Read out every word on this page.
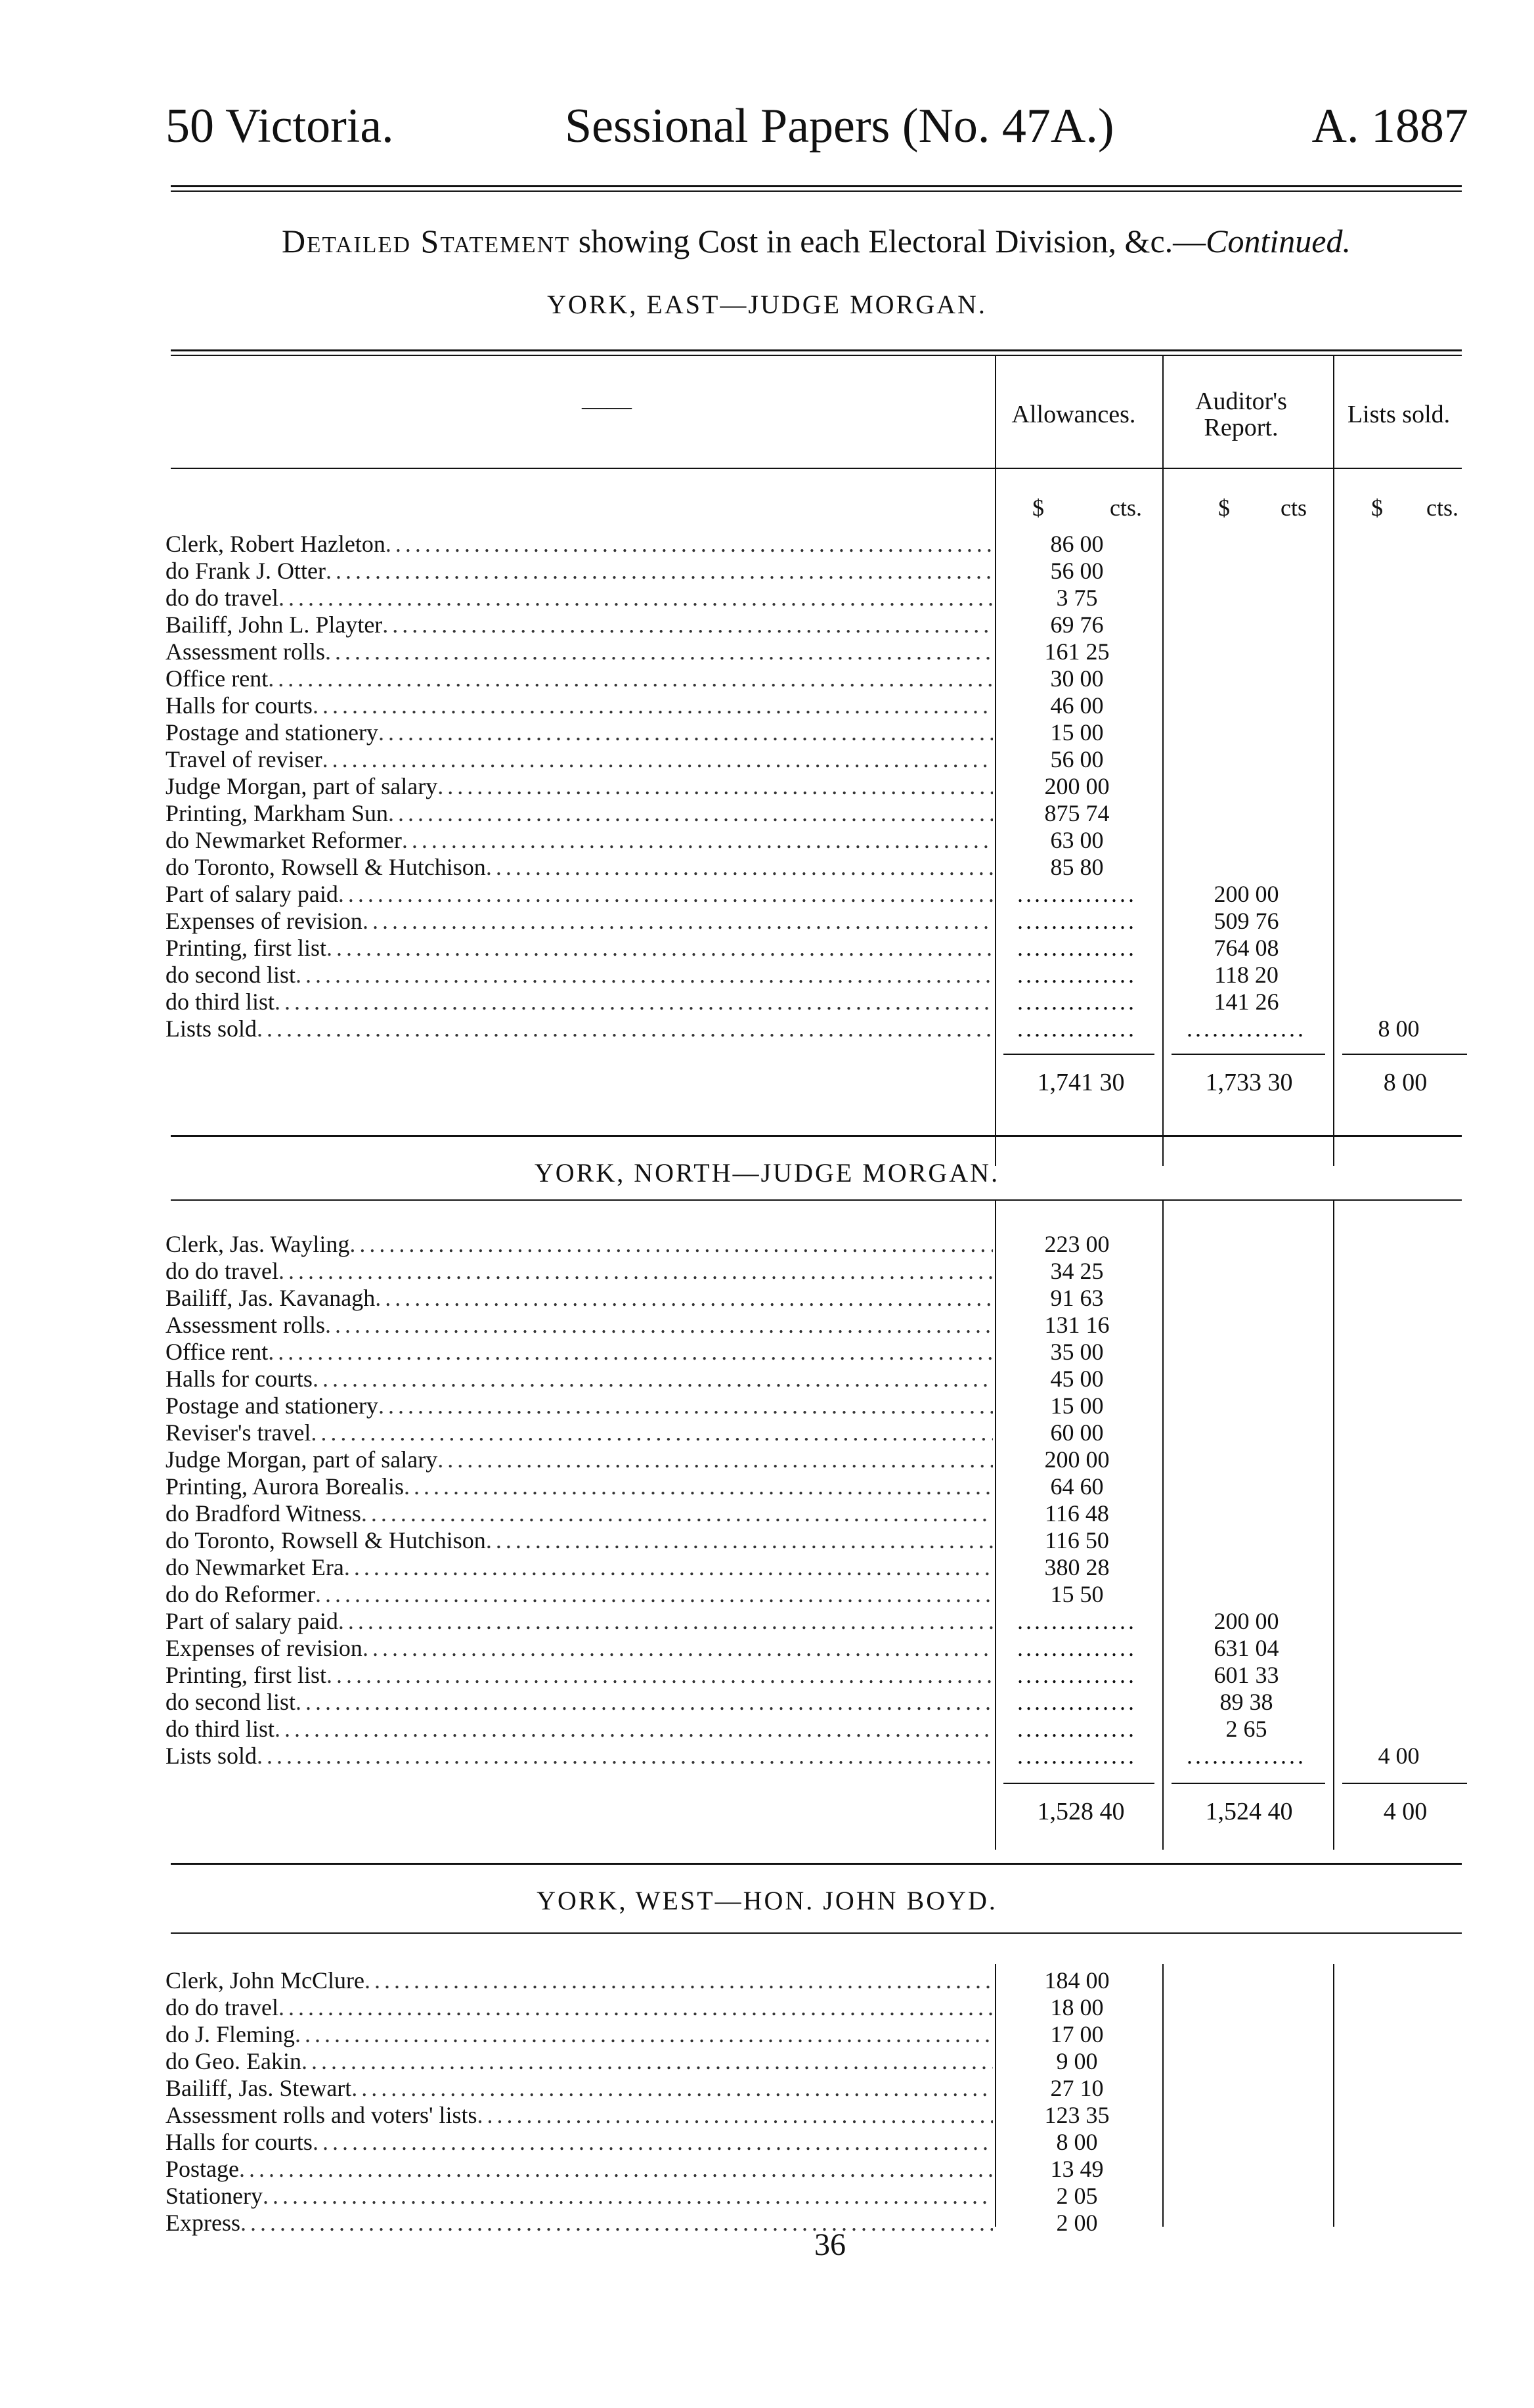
50 Victoria.	Sessional Papers (No. 47A.)	A. 1887
Detailed Statement showing Cost in each Electoral Division, &c.—Continued.
YORK, EAST—JUDGE MORGAN.
——	Allowances.	Auditor's
Report.	Lists sold.
$	cts.	$ cts	$ cts.
Clerk, Robert Hazleton .....	86 00
do Frank J. Otter .....	56 00
do do travel .....	3 75
Bailiff, John L. Playter .....	69 76
Assessment rolls .....	161 25
Office rent .....	30 00
Halls for courts .....	46 00
Postage and stationery .....	15 00
Travel of reviser .....	56 00
Judge Morgan, part of salary .....	200 00
Printing, Markham Sun .....	875 74
do Newmarket Reformer .....	63 00
do Toronto, Rowsell & Hutchison .....	85 80
Part of salary paid .....	..............	200 00
Expenses of revision .....	..............	509 76
Printing, first list .....	..............	764 08
do second list .....	..............	118 20
do third list .....	..............	141 26
Lists sold .....	..............	..............	8 00
1,741 30	1,733 30	8 00
YORK, NORTH—JUDGE MORGAN.
Clerk, Jas. Wayling .....	223 00
do do travel .....	34 25
Bailiff, Jas. Kavanagh .....	91 63
Assessment rolls .....	131 16
Office rent .....	35 00
Halls for courts .....	45 00
Postage and stationery .....	15 00
Reviser's travel .....	60 00
Judge Morgan, part of salary .....	200 00
Printing, Aurora Borealis .....	64 60
do Bradford Witness .....	116 48
do Toronto, Rowsell & Hutchison .....	116 50
do Newmarket Era .....	380 28
do do Reformer .....	15 50
Part of salary paid .....	..............	200 00
Expenses of revision .....	..............	631 04
Printing, first list .....	..............	601 33
do second list .....	..............	89 38
do third list .....	..............	2 65
Lists sold .....	..............	..............	4 00
1,528 40	1,524 40	4 00
YORK, WEST—HON. JOHN BOYD.
Clerk, John McClure .....	184 00
do do travel .....	18 00
do J. Fleming .....	17 00
do Geo. Eakin .....	9 00
Bailiff, Jas. Stewart .....	27 10
Assessment rolls and voters' lists .....	123 35
Halls for courts .....	8 00
Postage .....	13 49
Stationery .....	2 05
Express .....	2 00
36
